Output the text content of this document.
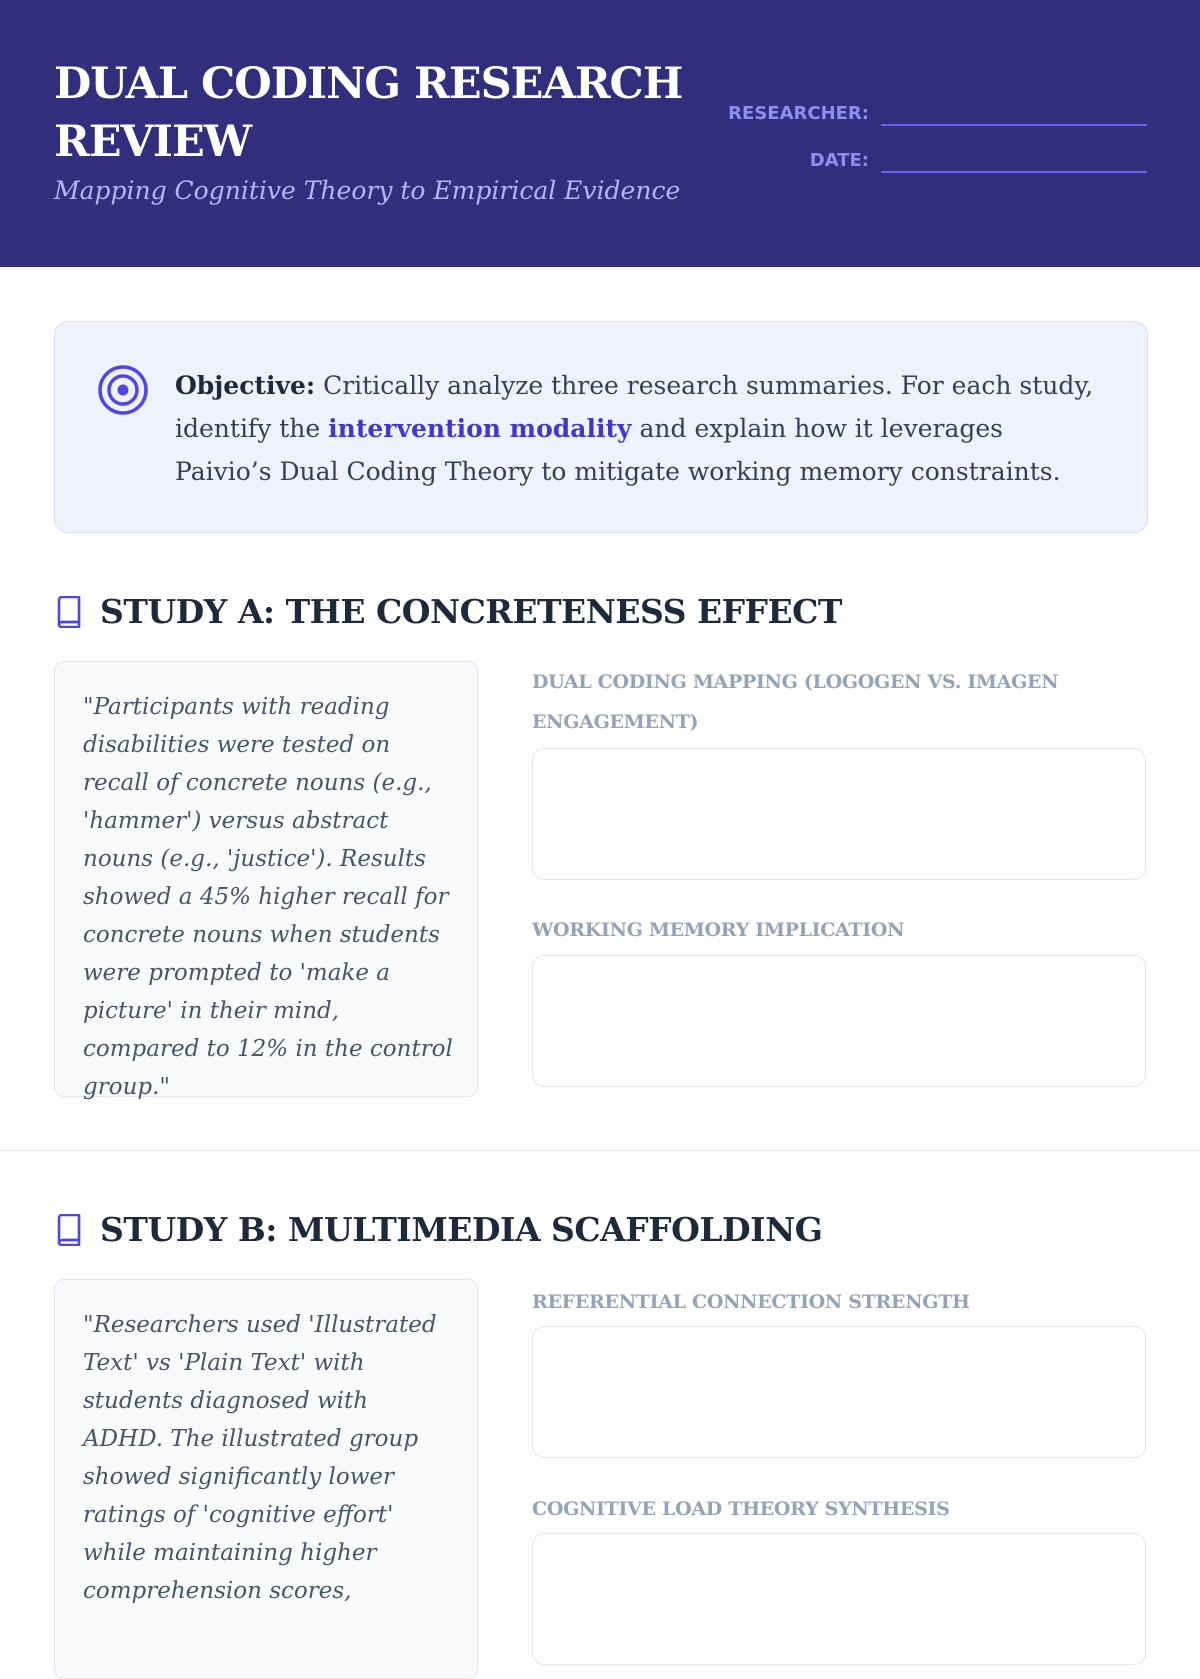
DUAL CODING RESEARCH REVIEW

Mapping Cognitive Theory to Empirical Evidence

RESEARCHER:
DATE:

Objective: Critically analyze three research summaries. For each study, identify the intervention modality and explain how it leverages Paivio’s Dual Coding Theory to mitigate working memory constraints.

STUDY A: THE CONCRETENESS EFFECT

"Participants with reading disabilities were tested on recall of concrete nouns (e.g., 'hammer') versus abstract nouns (e.g., 'justice'). Results showed a 45% higher recall for concrete nouns when students were prompted to 'make a picture' in their mind, compared to 12% in the control group."

DUAL CODING MAPPING (LOGOGEN VS. IMAGEN ENGAGEMENT)

WORKING MEMORY IMPLICATION

STUDY B: MULTIMEDIA SCAFFOLDING

"Researchers used 'Illustrated Text' vs 'Plain Text' with students diagnosed with ADHD. The illustrated group showed significantly lower ratings of 'cognitive effort' while maintaining higher comprehension scores,

REFERENTIAL CONNECTION STRENGTH

COGNITIVE LOAD THEORY SYNTHESIS
